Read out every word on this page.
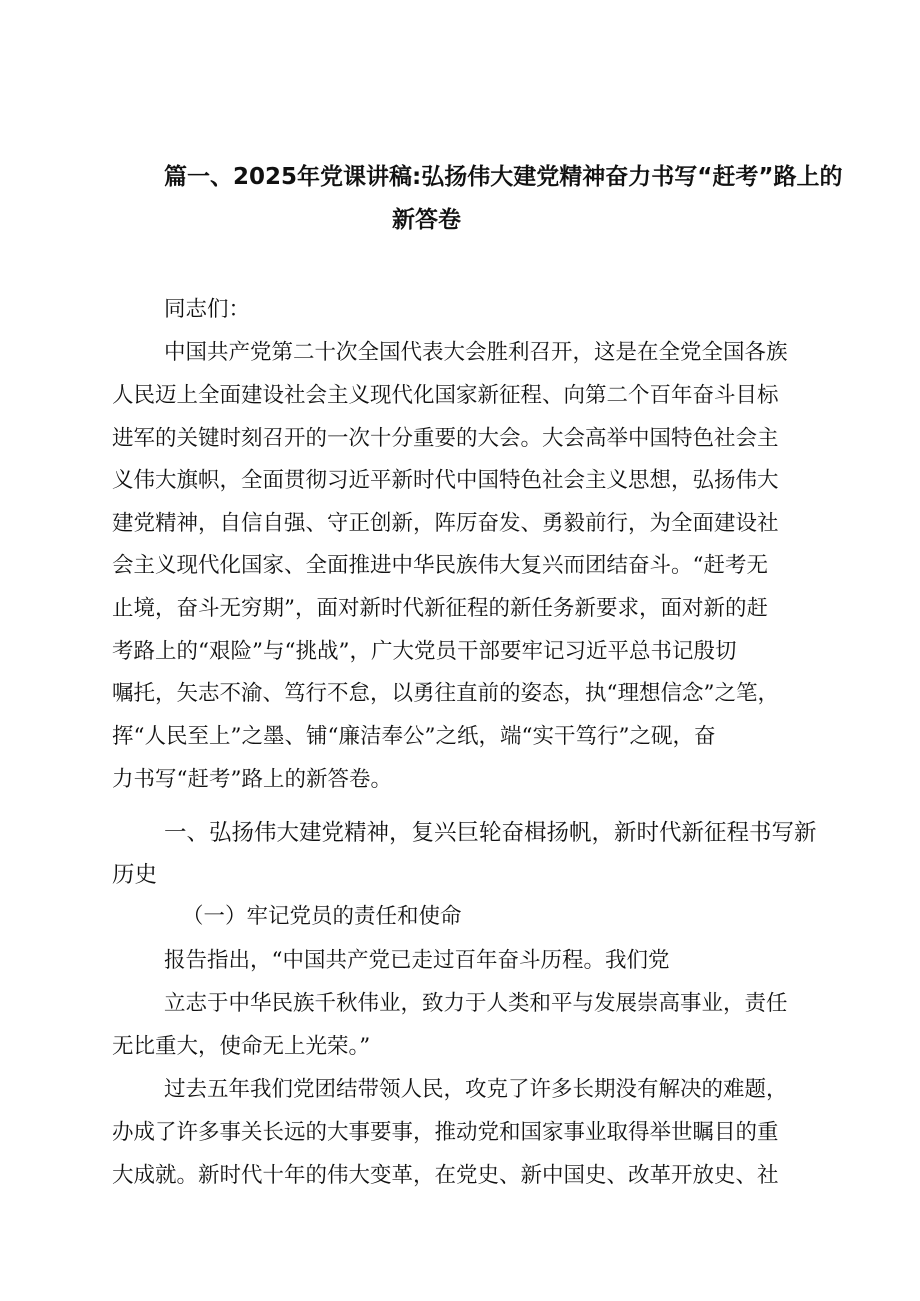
篇一、2025年党课讲稿:弘扬伟大建党精神奋力书写“赶考”路上的
新答卷
同志们：
中国共产党第二十次全国代表大会胜利召开，这是在全党全国各族
人民迈上全面建设社会主义现代化国家新征程、向第二个百年奋斗目标
进军的关键时刻召开的一次十分重要的大会。大会高举中国特色社会主
义伟大旗帜，全面贯彻习近平新时代中国特色社会主义思想，弘扬伟大
建党精神，自信自强、守正创新，阵厉奋发、勇毅前行，为全面建设社
会主义现代化国家、全面推进中华民族伟大复兴而团结奋斗。“赶考无
止境，奋斗无穷期”，面对新时代新征程的新任务新要求，面对新的赶
考路上的“艰险”与“挑战”，广大党员干部要牢记习近平总书记殷切
嘱托，矢志不渝、笃行不怠，以勇往直前的姿态，执“理想信念”之笔，
挥“人民至上”之墨、铺“廉洁奉公”之纸，端“实干笃行”之砚，奋
力书写“赶考”路上的新答卷。
一、弘扬伟大建党精神，复兴巨轮奋楫扬帆，新时代新征程书写新
历史
（一）牢记党员的责任和使命
报告指出，“中国共产党已走过百年奋斗历程。我们党
立志于中华民族千秋伟业，致力于人类和平与发展崇高事业，责任
无比重大，使命无上光荣。”
过去五年我们党团结带领人民，攻克了许多长期没有解决的难题，
办成了许多事关长远的大事要事，推动党和国家事业取得举世瞩目的重
大成就。新时代十年的伟大变革，在党史、新中国史、改革开放史、社
